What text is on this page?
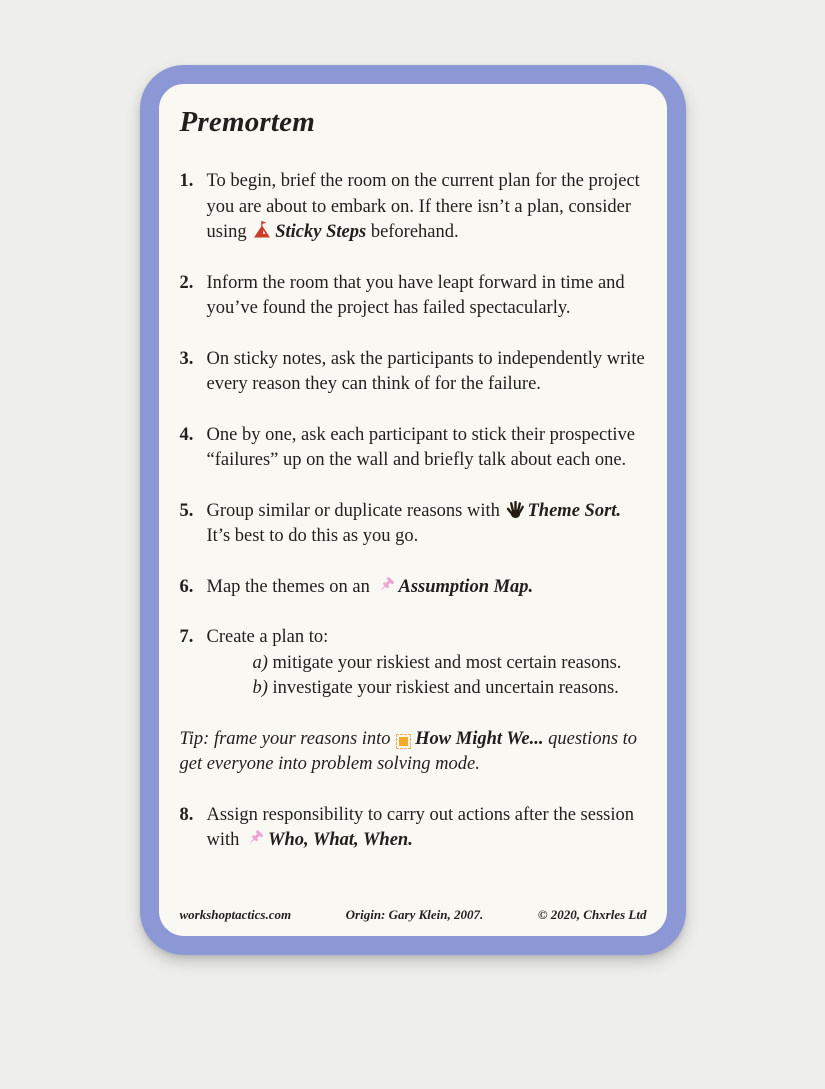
Premortem
1. To begin, brief the room on the current plan for the project you are about to embark on. If there isn’t a plan, consider using Sticky Steps beforehand.
2. Inform the room that you have leapt forward in time and you’ve found the project has failed spectacularly.
3. On sticky notes, ask the participants to independently write every reason they can think of for the failure.
4. One by one, ask each participant to stick their prospective “failures” up on the wall and briefly talk about each one.
5. Group similar or duplicate reasons with Theme Sort. It’s best to do this as you go.
6. Map the themes on an Assumption Map.
7. Create a plan to:
a) mitigate your riskiest and most certain reasons.
b) investigate your riskiest and uncertain reasons.
Tip: frame your reasons into
How Might We... questions to get everyone into problem solving mode.
8. Assign responsibility to carry out actions after the session with Who, What, When.
workshoptactics.com	Origin: Gary Klein, 2007.	© 2020, Chxrles Ltd
